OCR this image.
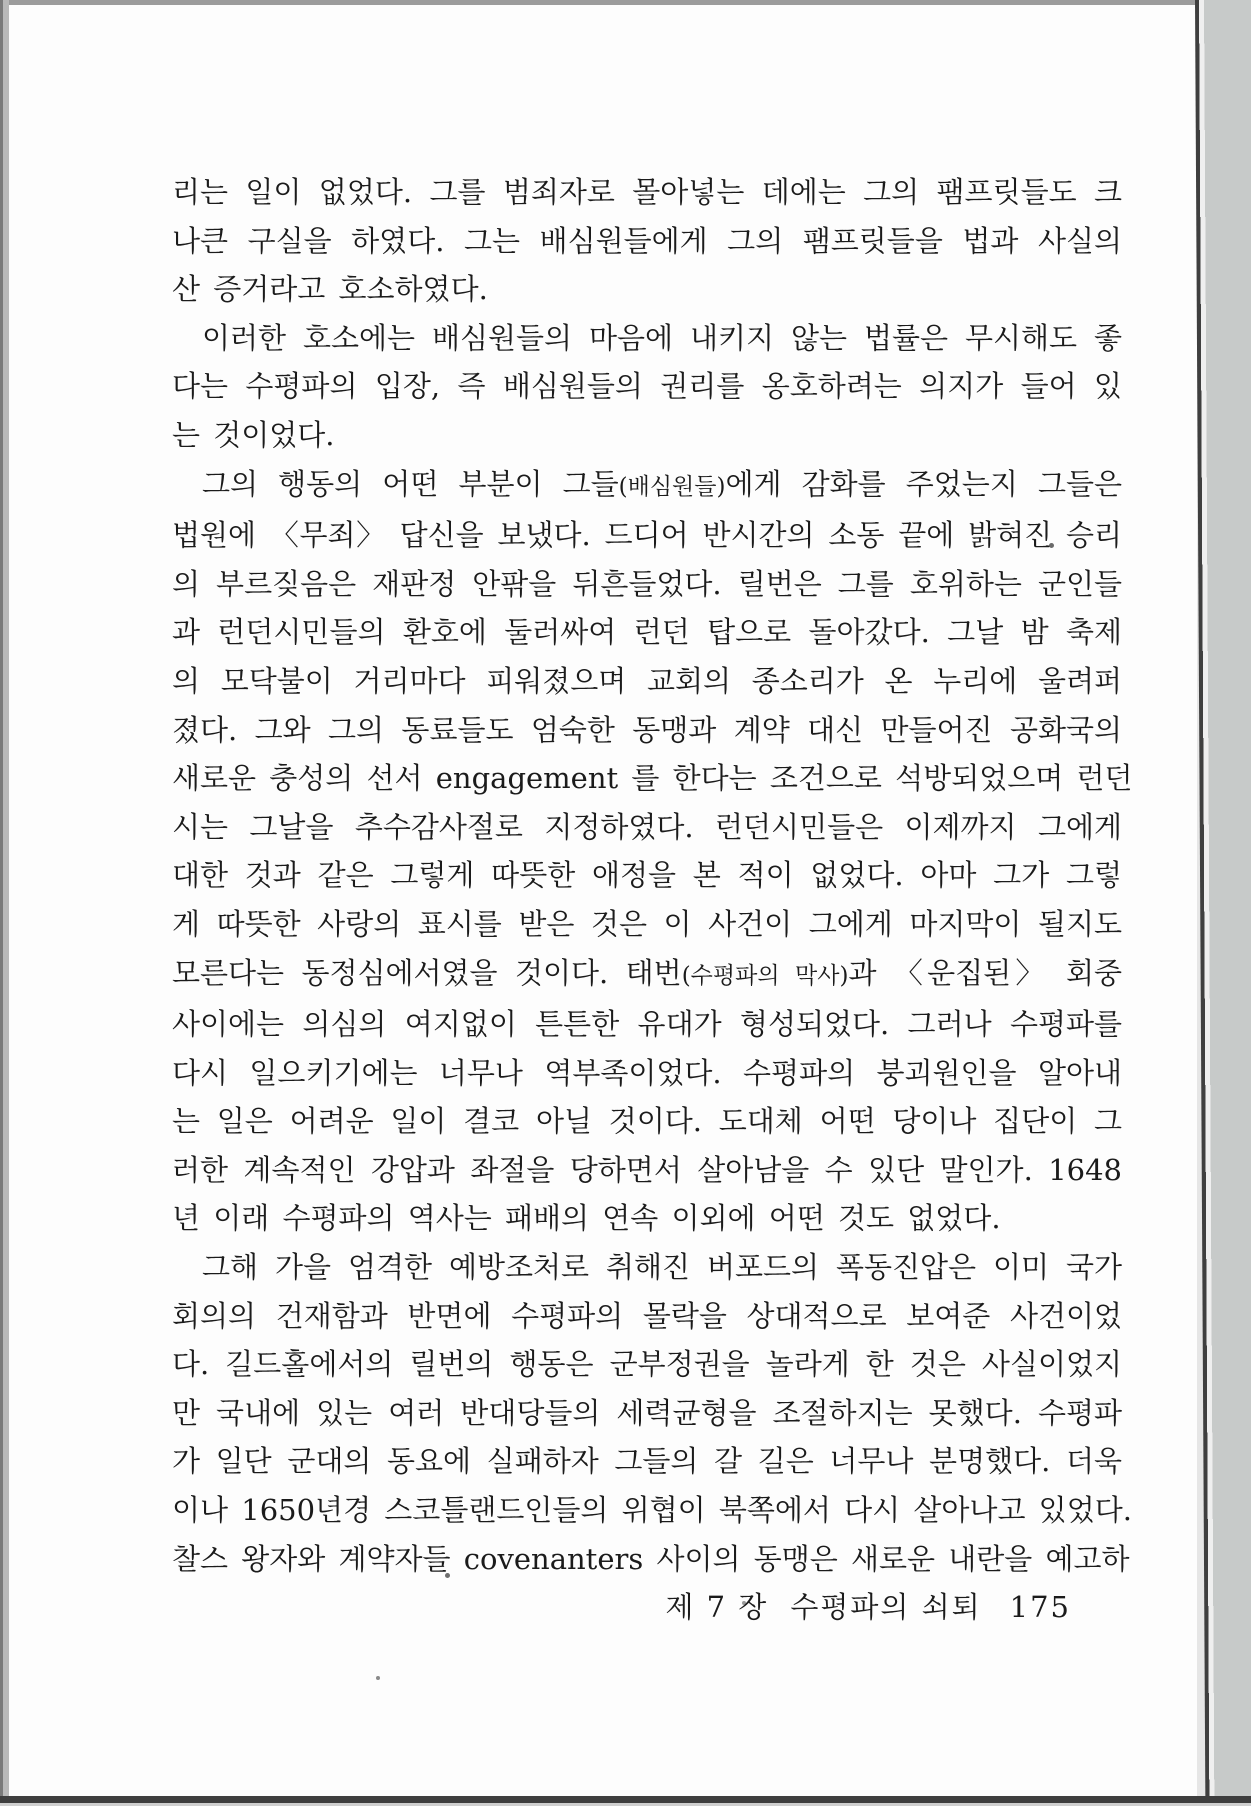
리는 일이 없었다. 그를 범죄자로 몰아넣는 데에는 그의 팸프릿들도 크
나큰 구실을 하였다. 그는 배심원들에게 그의 팸프릿들을 법과 사실의
산 증거라고 호소하였다.
이러한 호소에는 배심원들의 마음에 내키지 않는 법률은 무시해도 좋
다는 수평파의 입장, 즉 배심원들의 권리를 옹호하려는 의지가 들어 있
는 것이었다.
그의 행동의 어떤 부분이 그들(배심원들)에게 감화를 주었는지 그들은
법원에 〈무죄〉 답신을 보냈다. 드디어 반시간의 소동 끝에 밝혀진 승리
의 부르짖음은 재판정 안팎을 뒤흔들었다. 릴번은 그를 호위하는 군인들
과 런던시민들의 환호에 둘러싸여 런던 탑으로 돌아갔다. 그날 밤 축제
의 모닥불이 거리마다 피워졌으며 교회의 종소리가 온 누리에 울려퍼
졌다. 그와 그의 동료들도 엄숙한 동맹과 계약 대신 만들어진 공화국의
새로운 충성의 선서 engagement 를 한다는 조건으로 석방되었으며 런던
시는 그날을 추수감사절로 지정하였다. 런던시민들은 이제까지 그에게
대한 것과 같은 그렇게 따뜻한 애정을 본 적이 없었다. 아마 그가 그렇
게 따뜻한 사랑의 표시를 받은 것은 이 사건이 그에게 마지막이 될지도
모른다는 동정심에서였을 것이다. 태번(수평파의 막사)과 〈운집된〉 회중
사이에는 의심의 여지없이 튼튼한 유대가 형성되었다. 그러나 수평파를
다시 일으키기에는 너무나 역부족이었다. 수평파의 붕괴원인을 알아내
는 일은 어려운 일이 결코 아닐 것이다. 도대체 어떤 당이나 집단이 그
러한 계속적인 강압과 좌절을 당하면서 살아남을 수 있단 말인가. 1648
년 이래 수평파의 역사는 패배의 연속 이외에 어떤 것도 없었다.
그해 가을 엄격한 예방조처로 취해진 버포드의 폭동진압은 이미 국가
회의의 건재함과 반면에 수평파의 몰락을 상대적으로 보여준 사건이었
다. 길드홀에서의 릴번의 행동은 군부정권을 놀라게 한 것은 사실이었지
만 국내에 있는 여러 반대당들의 세력균형을 조절하지는 못했다. 수평파
가 일단 군대의 동요에 실패하자 그들의 갈 길은 너무나 분명했다. 더욱
이나 1650년경 스코틀랜드인들의 위협이 북쪽에서 다시 살아나고 있었다.
찰스 왕자와 계약자들 covenanters 사이의 동맹은 새로운 내란을 예고하
제 7 장 수평파의 쇠퇴 175
